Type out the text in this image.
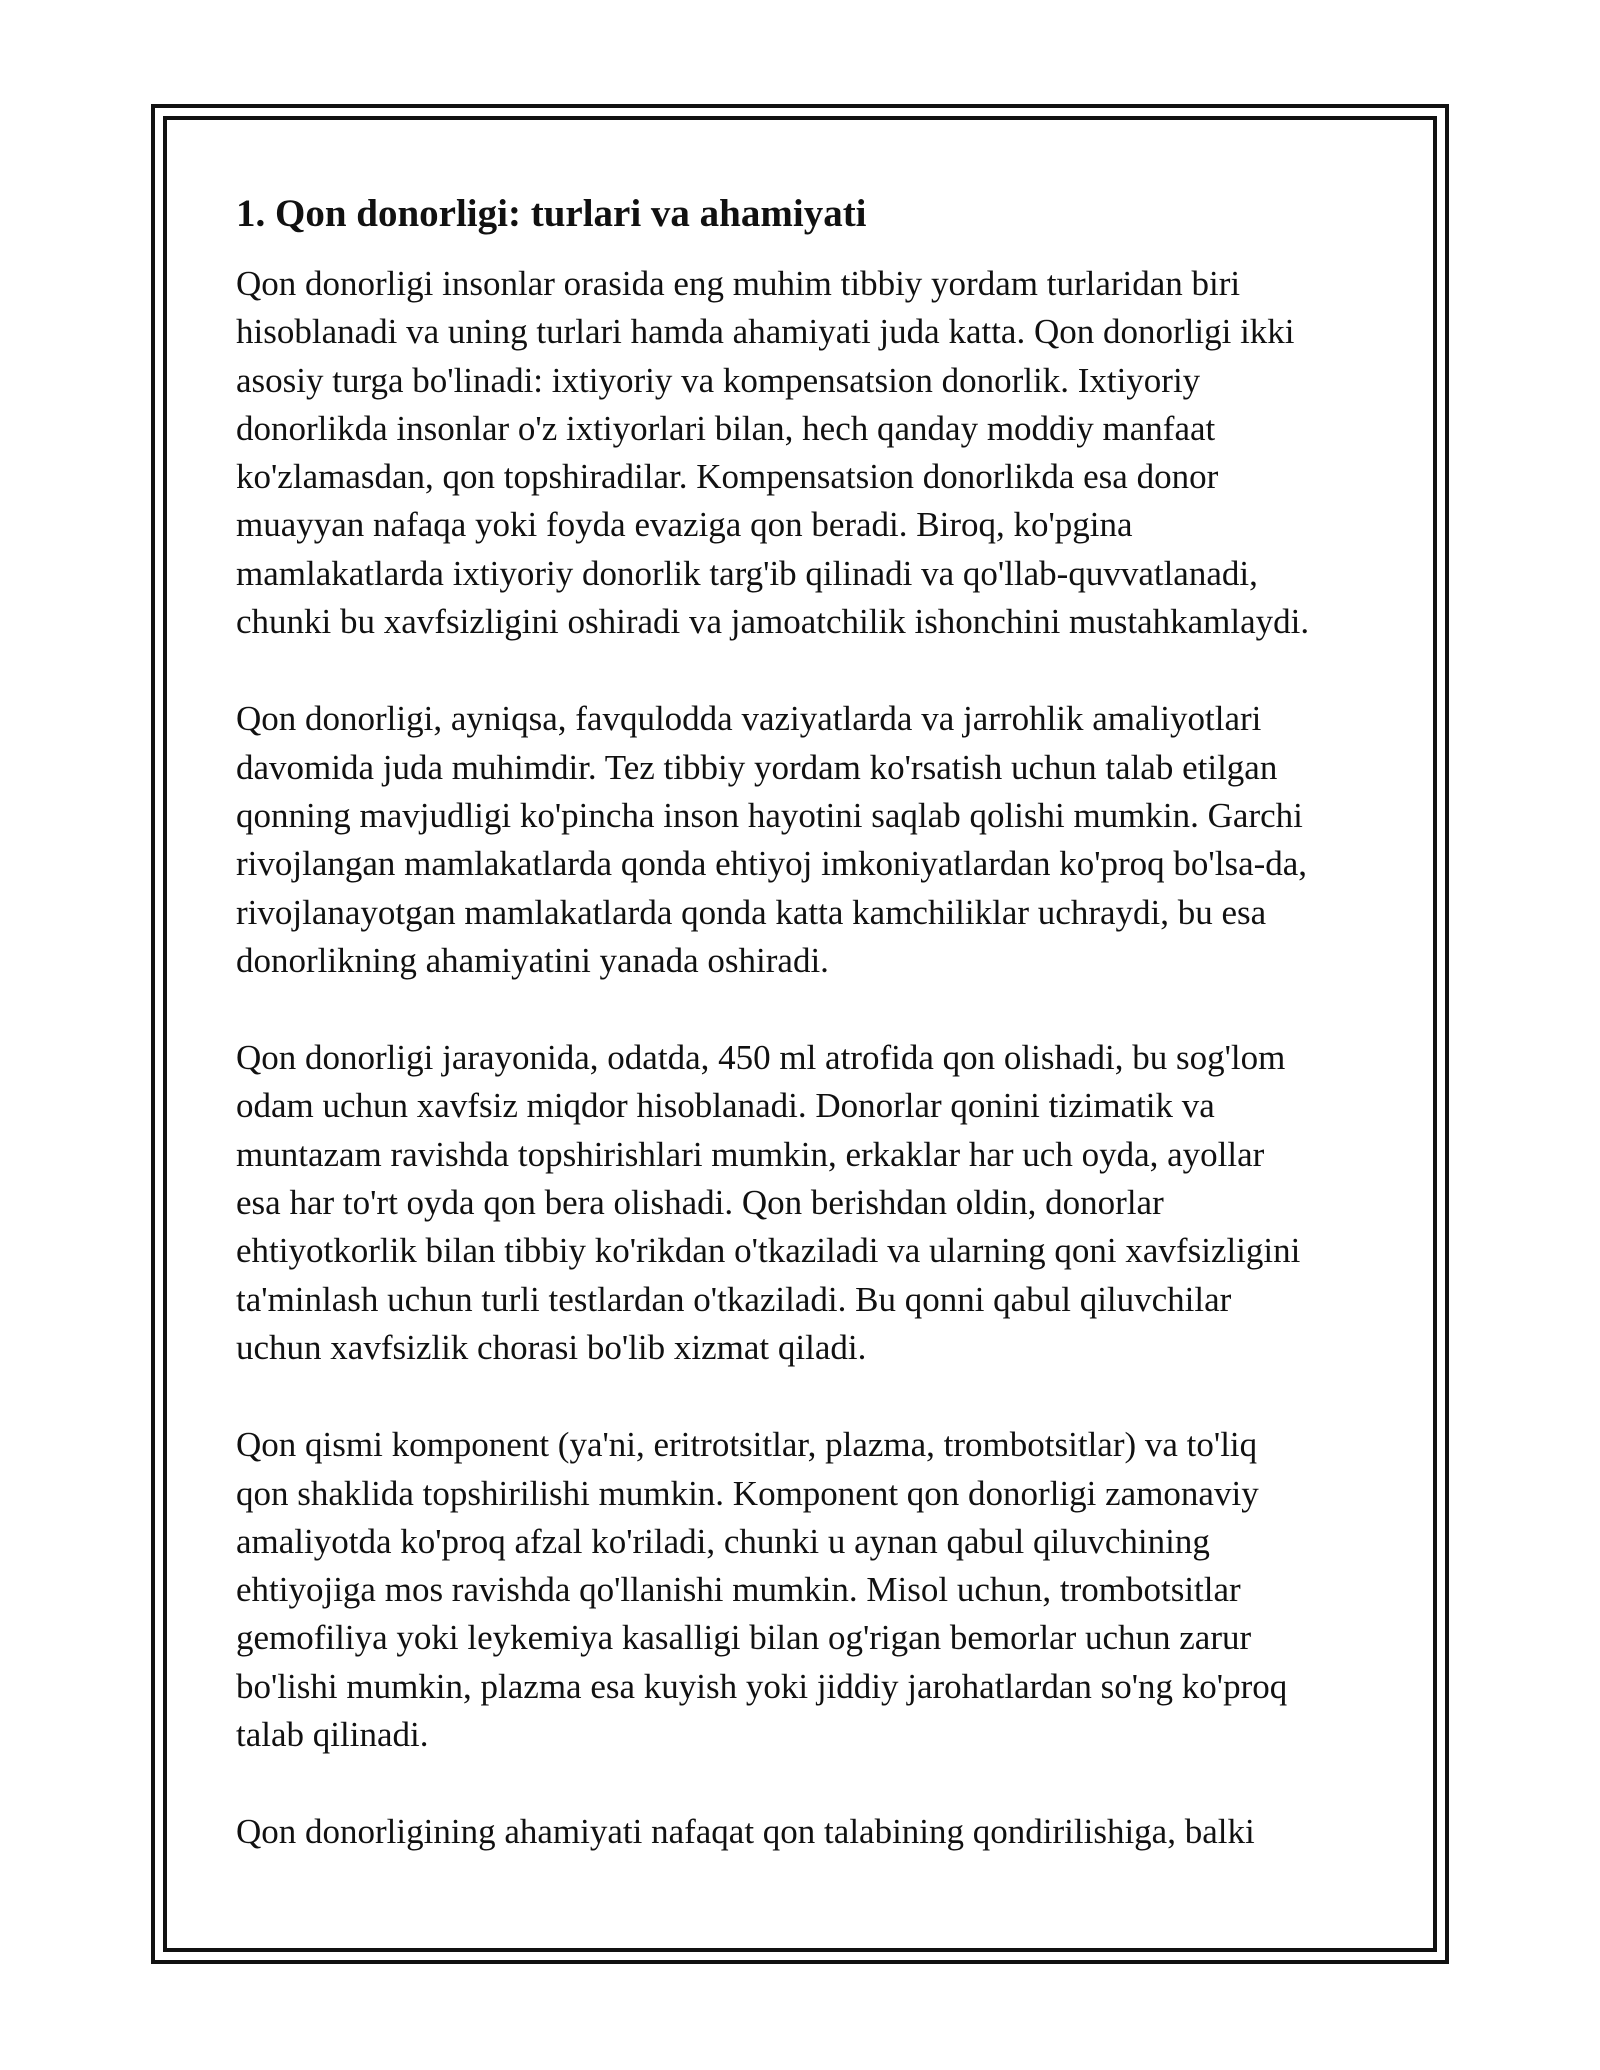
1. Qon donorligi: turlari va ahamiyati
Qon donorligi insonlar orasida eng muhim tibbiy yordam turlaridan biri
hisoblanadi va uning turlari hamda ahamiyati juda katta. Qon donorligi ikki
asosiy turga bo'linadi: ixtiyoriy va kompensatsion donorlik. Ixtiyoriy
donorlikda insonlar o'z ixtiyorlari bilan, hech qanday moddiy manfaat
ko'zlamasdan, qon topshiradilar. Kompensatsion donorlikda esa donor
muayyan nafaqa yoki foyda evaziga qon beradi. Biroq, ko'pgina
mamlakatlarda ixtiyoriy donorlik targ'ib qilinadi va qo'llab-quvvatlanadi,
chunki bu xavfsizligini oshiradi va jamoatchilik ishonchini mustahkamlaydi.
Qon donorligi, ayniqsa, favqulodda vaziyatlarda va jarrohlik amaliyotlari
davomida juda muhimdir. Tez tibbiy yordam ko'rsatish uchun talab etilgan
qonning mavjudligi ko'pincha inson hayotini saqlab qolishi mumkin. Garchi
rivojlangan mamlakatlarda qonda ehtiyoj imkoniyatlardan ko'proq bo'lsa-da,
rivojlanayotgan mamlakatlarda qonda katta kamchiliklar uchraydi, bu esa
donorlikning ahamiyatini yanada oshiradi.
Qon donorligi jarayonida, odatda, 450 ml atrofida qon olishadi, bu sog'lom
odam uchun xavfsiz miqdor hisoblanadi. Donorlar qonini tizimatik va
muntazam ravishda topshirishlari mumkin, erkaklar har uch oyda, ayollar
esa har to'rt oyda qon bera olishadi. Qon berishdan oldin, donorlar
ehtiyotkorlik bilan tibbiy ko'rikdan o'tkaziladi va ularning qoni xavfsizligini
ta'minlash uchun turli testlardan o'tkaziladi. Bu qonni qabul qiluvchilar
uchun xavfsizlik chorasi bo'lib xizmat qiladi.
Qon qismi komponent (ya'ni, eritrotsitlar, plazma, trombotsitlar) va to'liq
qon shaklida topshirilishi mumkin. Komponent qon donorligi zamonaviy
amaliyotda ko'proq afzal ko'riladi, chunki u aynan qabul qiluvchining
ehtiyojiga mos ravishda qo'llanishi mumkin. Misol uchun, trombotsitlar
gemofiliya yoki leykemiya kasalligi bilan og'rigan bemorlar uchun zarur
bo'lishi mumkin, plazma esa kuyish yoki jiddiy jarohatlardan so'ng ko'proq
talab qilinadi.
Qon donorligining ahamiyati nafaqat qon talabining qondirilishiga, balki
